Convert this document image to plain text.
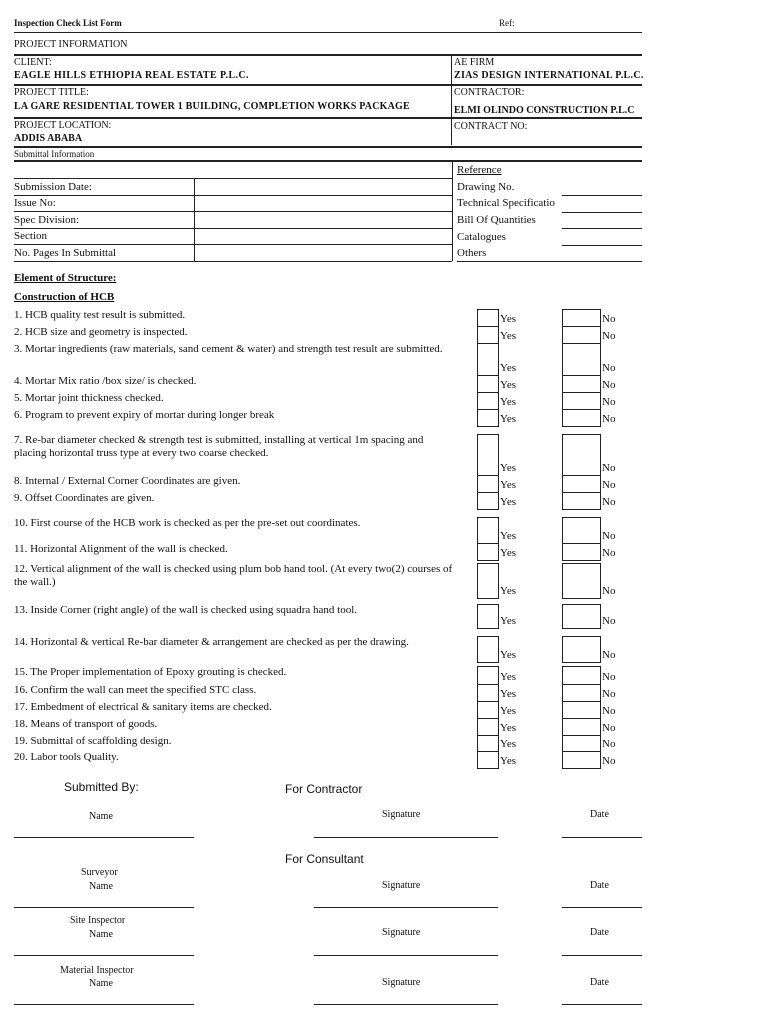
Inspection Check List Form	Ref:
PROJECT INFORMATION
CLIENT:
EAGLE HILLS ETHIOPIA REAL ESTATE P.L.C.
AE FIRM
ZIAS DESIGN INTERNATIONAL P.L.C.
PROJECT TITLE:
LA GARE RESIDENTIAL TOWER 1 BUILDING, COMPLETION WORKS PACKAGE
CONTRACTOR:
ELMI OLINDO CONSTRUCTION P.L.C
PROJECT LOCATION:
ADDIS ABABA
CONTRACT NO:
Submittal Information
Reference
Submission Date:
Issue No:
Spec Division:
Section
No. Pages In Submittal
Drawing No.
Technical Specificatio
Bill Of Quantities
Catalogues
Others
Element of Structure:
Construction of HCB
1. HCB quality test result is submitted.	Yes	No
2. HCB size and geometry is inspected.	Yes	No
3. Mortar ingredients (raw materials, sand cement & water) and strength test result are submitted.
Yes	No
4. Mortar Mix ratio /box size/ is checked.	Yes	No
5. Mortar joint thickness checked.	Yes	No
6. Program to prevent expiry of mortar during longer break	Yes	No
7. Re-bar diameter checked & strength test is submitted, installing at vertical 1m spacing and placing horizontal truss type at every two coarse checked.
Yes	No
8. Internal / External Corner Coordinates are given.	Yes	No
9. Offset Coordinates are given.	Yes	No
10. First course of the HCB work is checked as per the pre-set out coordinates.
Yes	No
11. Horizontal Alignment of the wall is checked.	Yes	No
12. Vertical alignment of the wall is checked using plum bob hand tool. (At every two(2) courses of the wall.)
Yes	No
13. Inside Corner (right angle) of the wall is checked using squadra hand tool.
Yes	No
14. Horizontal & vertical Re-bar diameter & arrangement are checked as per the drawing.
Yes	No
15. The Proper implementation of Epoxy grouting is checked.	Yes	No
16. Confirm the wall can meet the specified STC class.	Yes	No
17. Embedment of electrical & sanitary items are checked.	Yes	No
18. Means of transport of goods.	Yes	No
19. Submittal of scaffolding design.	Yes	No
20. Labor tools Quality.	Yes	No
Submitted By:	For Contractor
Name	Signature	Date
For Consultant
Surveyor
Name	Signature	Date
Site Inspector
Name	Signature	Date
Material Inspector
Name	Signature	Date
